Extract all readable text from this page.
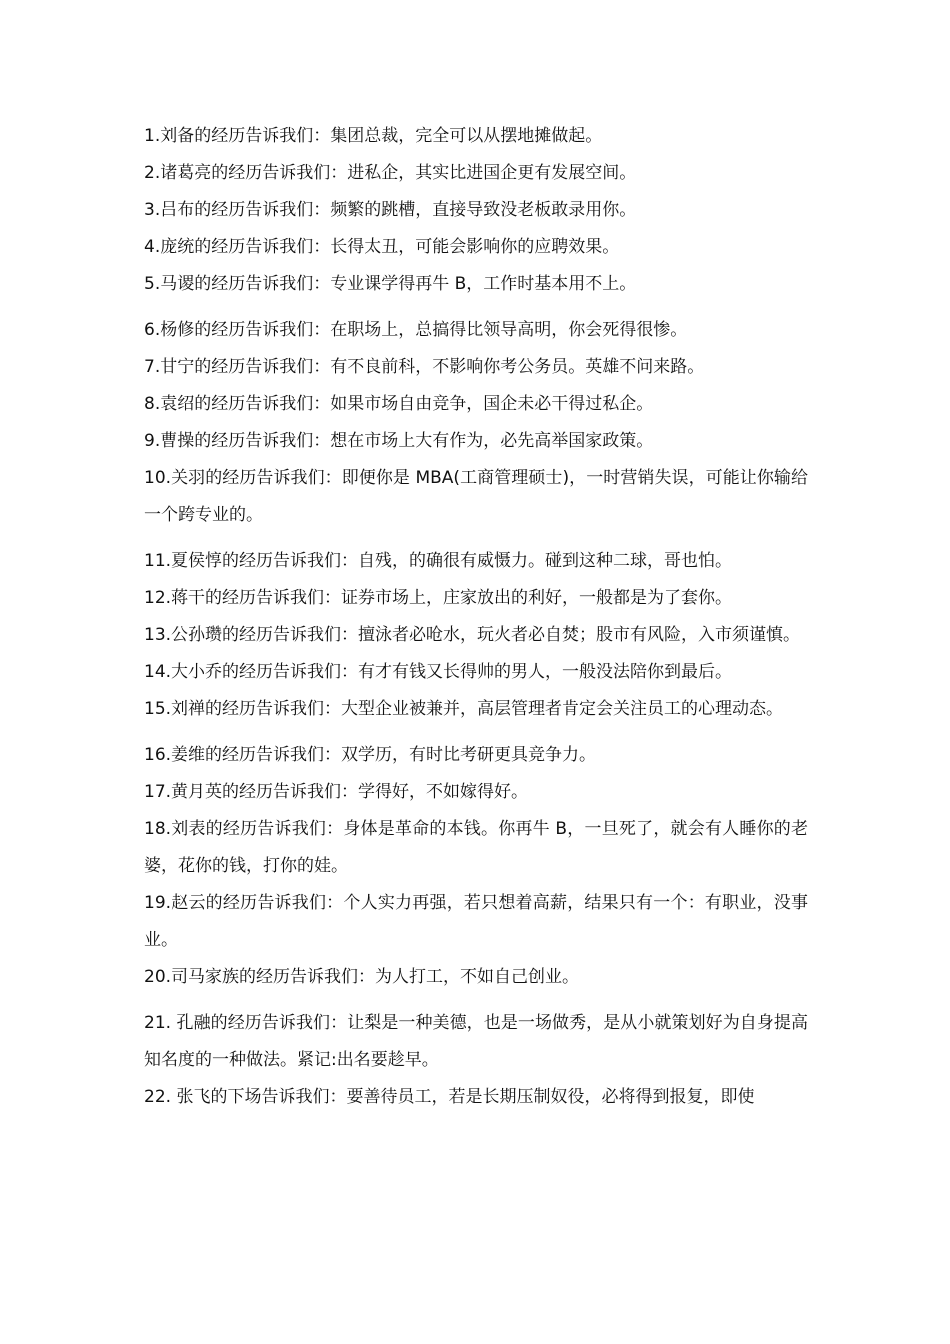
1.刘备的经历告诉我们：集团总裁，完全可以从摆地摊做起。

2.诸葛亮的经历告诉我们：进私企，其实比进国企更有发展空间。

3.吕布的经历告诉我们：频繁的跳槽，直接导致没老板敢录用你。

4.庞统的经历告诉我们：长得太丑，可能会影响你的应聘效果。

5.马谡的经历告诉我们：专业课学得再牛 B，工作时基本用不上。

6.杨修的经历告诉我们：在职场上，总搞得比领导高明，你会死得很惨。

7.甘宁的经历告诉我们：有不良前科，不影响你考公务员。英雄不问来路。

8.袁绍的经历告诉我们：如果市场自由竞争，国企未必干得过私企。

9.曹操的经历告诉我们：想在市场上大有作为，必先高举国家政策。

10.关羽的经历告诉我们：即便你是 MBA(工商管理硕士)，一时营销失误，可能让你输给一个跨专业的。

11.夏侯惇的经历告诉我们：自残，的确很有威慑力。碰到这种二球，哥也怕。

12.蒋干的经历告诉我们：证券市场上，庄家放出的利好，一般都是为了套你。

13.公孙瓒的经历告诉我们：擅泳者必呛水，玩火者必自焚；股市有风险，入市须谨慎。

14.大小乔的经历告诉我们：有才有钱又长得帅的男人，一般没法陪你到最后。

15.刘禅的经历告诉我们：大型企业被兼并，高层管理者肯定会关注员工的心理动态。

16.姜维的经历告诉我们：双学历，有时比考研更具竞争力。

17.黄月英的经历告诉我们：学得好，不如嫁得好。

18.刘表的经历告诉我们：身体是革命的本钱。你再牛 B，一旦死了，就会有人睡你的老婆，花你的钱，打你的娃。

19.赵云的经历告诉我们：个人实力再强，若只想着高薪，结果只有一个：有职业，没事业。

20.司马家族的经历告诉我们：为人打工，不如自己创业。

21. 孔融的经历告诉我们：让梨是一种美德，也是一场做秀，是从小就策划好为自身提高知名度的一种做法。紧记:出名要趁早。

22. 张飞的下场告诉我们：要善待员工，若是长期压制奴役，必将得到报复，即使
